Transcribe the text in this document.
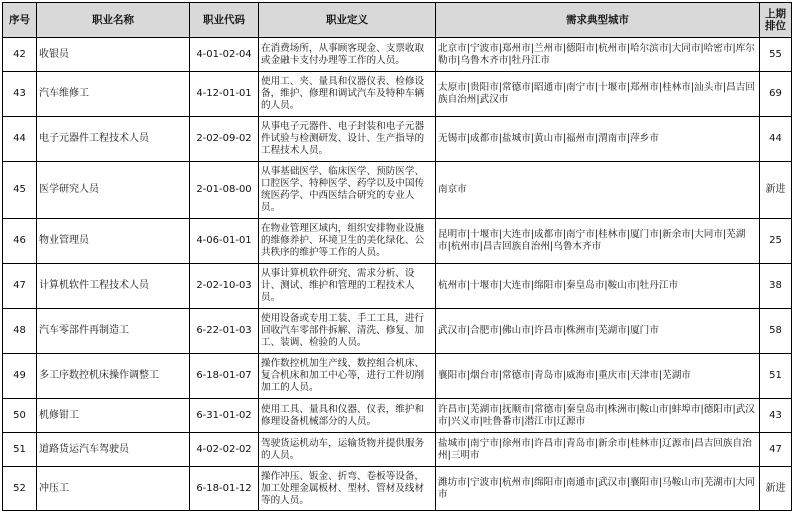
序号	职业名称	职业代码	职业定义	需求典型城市	上期
排位
42	收银员	4-01-02-04	在消费场所，从事顾客现金、支票收取或金融卡支付办理等工作的人员。	北京市|宁波市|郑州市|兰州市|德阳市|杭州市|哈尔滨市|大同市|哈密市|库尔勒市|乌鲁木齐市|牡丹江市	55
43	汽车维修工	4-12-01-01	使用工、夹、量具和仪器仪表、检修设备，维护、修理和调试汽车及特种车辆的人员。	太原市|贵阳市|常德市|昭通市|南宁市|十堰市|郑州市|桂林市|汕头市|昌吉回族自治州|武汉市	69
44	电子元器件工程技术人员	2-02-09-02	从事电子元器件、电子封装和电子元器件试验与检测研发、设计、生产指导的工程技术人员。	无锡市|成都市|盐城市|黄山市|福州市|渭南市|萍乡市	44
45	医学研究人员	2-01-08-00	从事基础医学、临床医学、预防医学、口腔医学、特种医学、药学以及中国传统医药学、中西医结合研究的专业人员。	南京市	新进
46	物业管理员	4-06-01-01	在物业管理区域内，组织安排物业设施的维修养护、环境卫生的美化绿化、公共秩序的维护等工作的人员。	昆明市|十堰市|大连市|成都市|南宁市|桂林市|厦门市|新余市|大同市|芜湖市|杭州市|昌吉回族自治州|乌鲁木齐市	25
47	计算机软件工程技术人员	2-02-10-03	从事计算机软件研究、需求分析、设计、测试、维护和管理的工程技术人员。	杭州市|十堰市|大连市|绵阳市|秦皇岛市|鞍山市|牡丹江市	38
48	汽车零部件再制造工	6-22-01-03	使用设备或专用工装、手工工具，进行回收汽车零部件拆解、清洗、修复、加工、装调、检验的人员。	武汉市|合肥市|佛山市|许昌市|株洲市|芜湖市|厦门市	58
49	多工序数控机床操作调整工	6-18-01-07	操作数控机加生产线、数控组合机床、复合机床和加工中心等，进行工件切削加工的人员。	襄阳市|烟台市|常德市|青岛市|威海市|重庆市|天津市|芜湖市	51
50	机修钳工	6-31-01-02	使用工具、量具和仪器、仪表，维护和修理设备机械部分的人员。	许昌市|芜湖市|抚顺市|常德市|秦皇岛市|株洲市|鞍山市|蚌埠市|德阳市|武汉市|兴义市|吐鲁番市|潜江市|辽源市	43
51	道路货运汽车驾驶员	4-02-02-02	驾驶货运机动车，运输货物并提供服务的人员。	盐城市|南宁市|徐州市|许昌市|青岛市|新余市|桂林市|辽源市|昌吉回族自治州|三明市	47
52	冲压工	6-18-01-12	操作冲压、钣金、折弯、卷板等设备，加工处理金属板材、型材、管材及线材等的人员。	潍坊市|宁波市|杭州市|绵阳市|南通市|武汉市|襄阳市|马鞍山市|芜湖市|大同市	新进
